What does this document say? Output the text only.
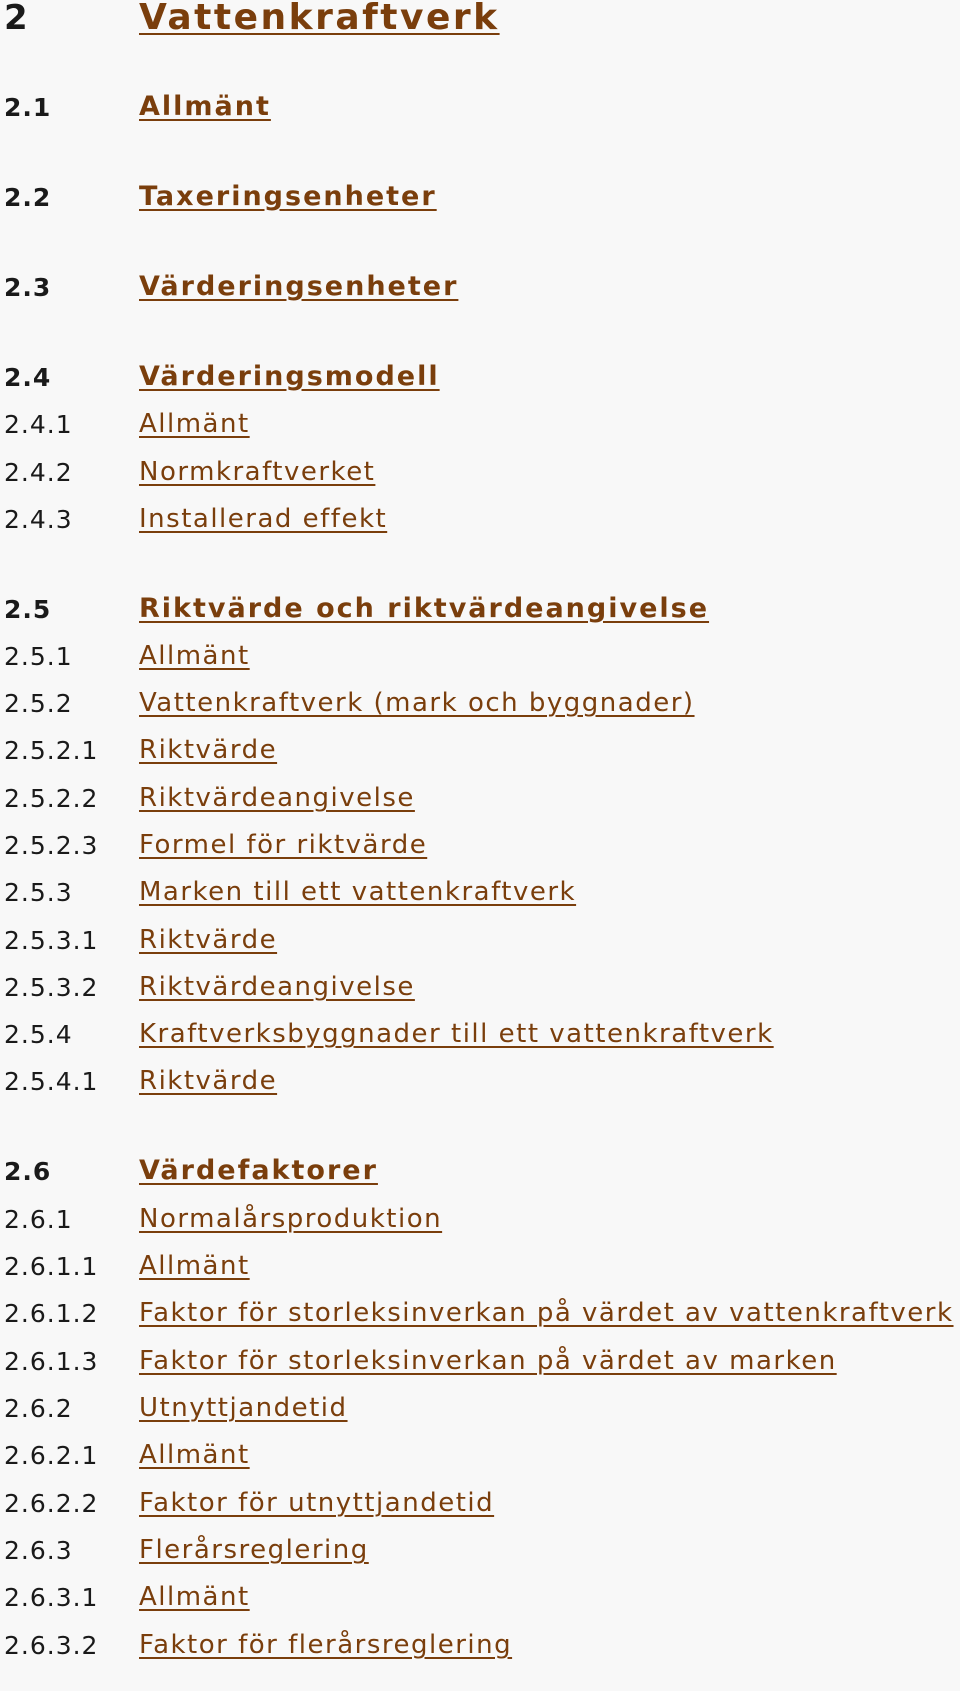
2	Vattenkraftverk
2.1	Allmänt
2.2	Taxeringsenheter
2.3	Värderingsenheter
2.4	Värderingsmodell
2.4.1	Allmänt
2.4.2	Normkraftverket
2.4.3	Installerad effekt
2.5	Riktvärde och riktvärdeangivelse
2.5.1	Allmänt
2.5.2	Vattenkraftverk (mark och byggnader)
2.5.2.1 Riktvärde
2.5.2.2 Riktvärdeangivelse
2.5.2.3 Formel för riktvärde
2.5.3	Marken till ett vattenkraftverk
2.5.3.1 Riktvärde
2.5.3.2 Riktvärdeangivelse
2.5.4	Kraftverksbyggnader till ett vattenkraftverk
2.5.4.1 Riktvärde
2.6	Värdefaktorer
2.6.1	Normalårsproduktion
2.6.1.1 Allmänt
2.6.1.2 Faktor för storleksinverkan på värdet av vattenkraftverk
2.6.1.3 Faktor för storleksinverkan på värdet av marken
2.6.2	Utnyttjandetid
2.6.2.1 Allmänt
2.6.2.2 Faktor för utnyttjandetid
2.6.3	Flerårsreglering
2.6.3.1 Allmänt
2.6.3.2 Faktor för flerårsreglering
